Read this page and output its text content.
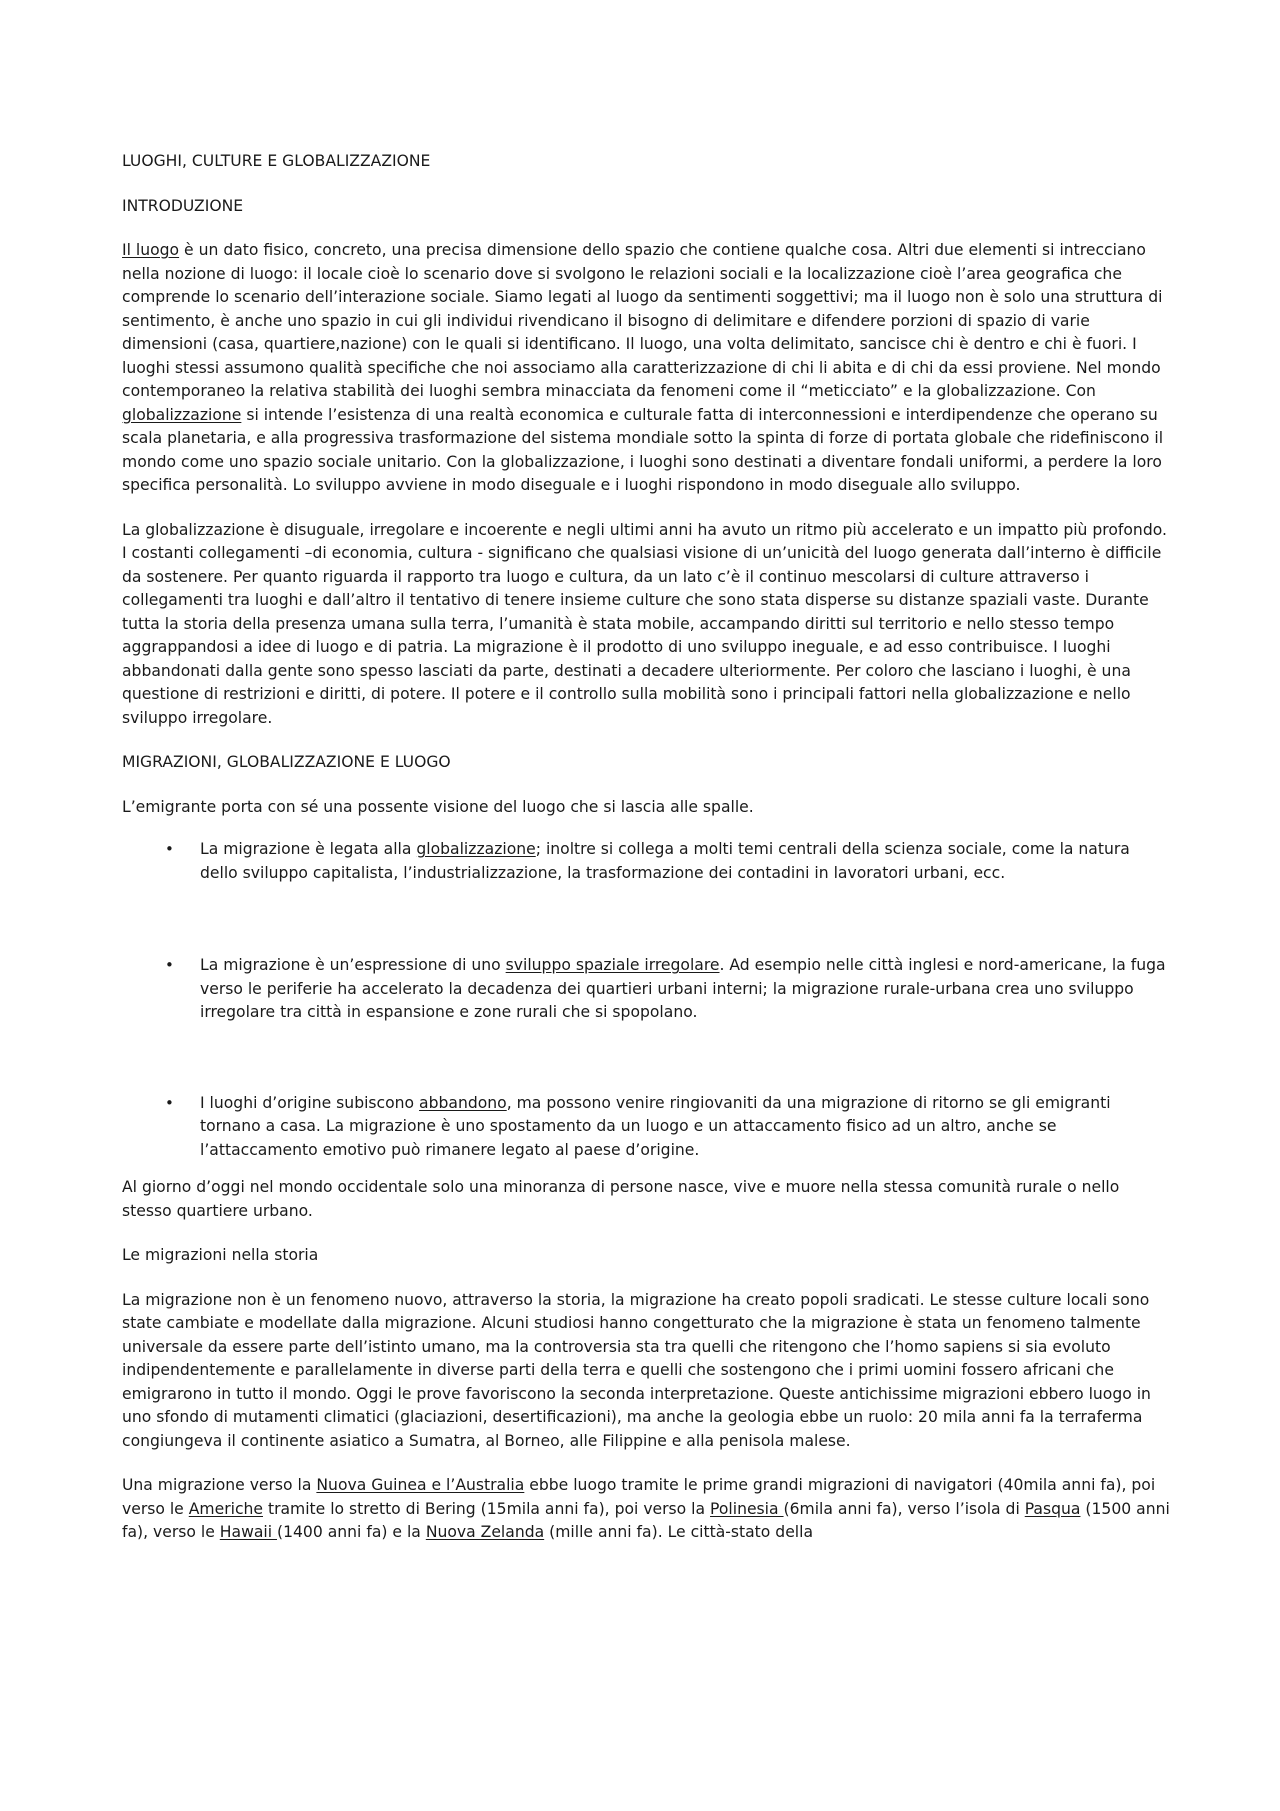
LUOGHI, CULTURE E GLOBALIZZAZIONE
INTRODUZIONE

Il luogo è un dato fisico, concreto, una precisa dimensione dello spazio che contiene qualche cosa. Altri due elementi si intrecciano nella nozione di luogo: il locale cioè lo scenario dove si svolgono le relazioni sociali e la localizzazione cioè l’area geografica che comprende lo scenario dell’interazione sociale. Siamo legati al luogo da sentimenti soggettivi; ma il luogo non è solo una struttura di sentimento, è anche uno spazio in cui gli individui rivendicano il bisogno di delimitare e difendere porzioni di spazio di varie dimensioni (casa, quartiere,nazione) con le quali si identificano. Il luogo, una volta delimitato, sancisce chi è dentro e chi è fuori. I luoghi stessi assumono qualità specifiche che noi associamo alla caratterizzazione di chi li abita e di chi da essi proviene. Nel mondo contemporaneo la relativa stabilità dei luoghi sembra minacciata da fenomeni come il “meticciato” e la globalizzazione. Con globalizzazione si intende l’esistenza di una realtà economica e culturale fatta di interconnessioni e interdipendenze che operano su scala planetaria, e alla progressiva trasformazione del sistema mondiale sotto la spinta di forze di portata globale che ridefiniscono il mondo come uno spazio sociale unitario. Con la globalizzazione, i luoghi sono destinati a diventare fondali uniformi, a perdere la loro specifica personalità. Lo sviluppo avviene in modo diseguale e i luoghi rispondono in modo diseguale allo sviluppo.

La globalizzazione è disuguale, irregolare e incoerente e negli ultimi anni ha avuto un ritmo più accelerato e un impatto più profondo. I costanti collegamenti –di economia, cultura - significano che qualsiasi visione di un’unicità del luogo generata dall’interno è difficile da sostenere. Per quanto riguarda il rapporto tra luogo e cultura, da un lato c’è il continuo mescolarsi di culture attraverso i collegamenti tra luoghi e dall’altro il tentativo di tenere insieme culture che sono stata disperse su distanze spaziali vaste. Durante tutta la storia della presenza umana sulla terra, l’umanità è stata mobile, accampando diritti sul territorio e nello stesso tempo aggrappandosi a idee di luogo e di patria. La migrazione è il prodotto di uno sviluppo ineguale, e ad esso contribuisce. I luoghi abbandonati dalla gente sono spesso lasciati da parte, destinati a decadere ulteriormente. Per coloro che lasciano i luoghi, è una questione di restrizioni e diritti, di potere. Il potere e il controllo sulla mobilità sono i principali fattori nella globalizzazione e nello sviluppo irregolare.

MIGRAZIONI, GLOBALIZZAZIONE E LUOGO

L’emigrante porta con sé una possente visione del luogo che si lascia alle spalle.

• La migrazione è legata alla globalizzazione; inoltre si collega a molti temi centrali della scienza sociale, come la natura dello sviluppo capitalista, l’industrializzazione, la trasformazione dei contadini in lavoratori urbani, ecc.
• La migrazione è un’espressione di uno sviluppo spaziale irregolare. Ad esempio nelle città inglesi e nord-americane, la fuga verso le periferie ha accelerato la decadenza dei quartieri urbani interni; la migrazione rurale-urbana crea uno sviluppo irregolare tra città in espansione e zone rurali che si spopolano.
• I luoghi d’origine subiscono abbandono, ma possono venire ringiovaniti da una migrazione di ritorno se gli emigranti tornano a casa. La migrazione è uno spostamento da un luogo e un attaccamento fisico ad un altro, anche se l’attaccamento emotivo può rimanere legato al paese d’origine.

Al giorno d’oggi nel mondo occidentale solo una minoranza di persone nasce, vive e muore nella stessa comunità rurale o nello stesso quartiere urbano.

Le migrazioni nella storia

La migrazione non è un fenomeno nuovo, attraverso la storia, la migrazione ha creato popoli sradicati. Le stesse culture locali sono state cambiate e modellate dalla migrazione. Alcuni studiosi hanno congetturato che la migrazione è stata un fenomeno talmente universale da essere parte dell’istinto umano, ma la controversia sta tra quelli che ritengono che l’homo sapiens si sia evoluto indipendentemente e parallelamente in diverse parti della terra e quelli che sostengono che i primi uomini fossero africani che emigrarono in tutto il mondo. Oggi le prove favoriscono la seconda interpretazione. Queste antichissime migrazioni ebbero luogo in uno sfondo di mutamenti climatici (glaciazioni, desertificazioni), ma anche la geologia ebbe un ruolo: 20 mila anni fa la terraferma congiungeva il continente asiatico a Sumatra, al Borneo, alle Filippine e alla penisola malese.

Una migrazione verso la Nuova Guinea e l’Australia ebbe luogo tramite le prime grandi migrazioni di navigatori (40mila anni fa), poi verso le Americhe tramite lo stretto di Bering (15mila anni fa), poi verso la Polinesia (6mila anni fa), verso l’isola di Pasqua (1500 anni fa), verso le Hawaii (1400 anni fa) e la Nuova Zelanda (mille anni fa). Le città-stato della
